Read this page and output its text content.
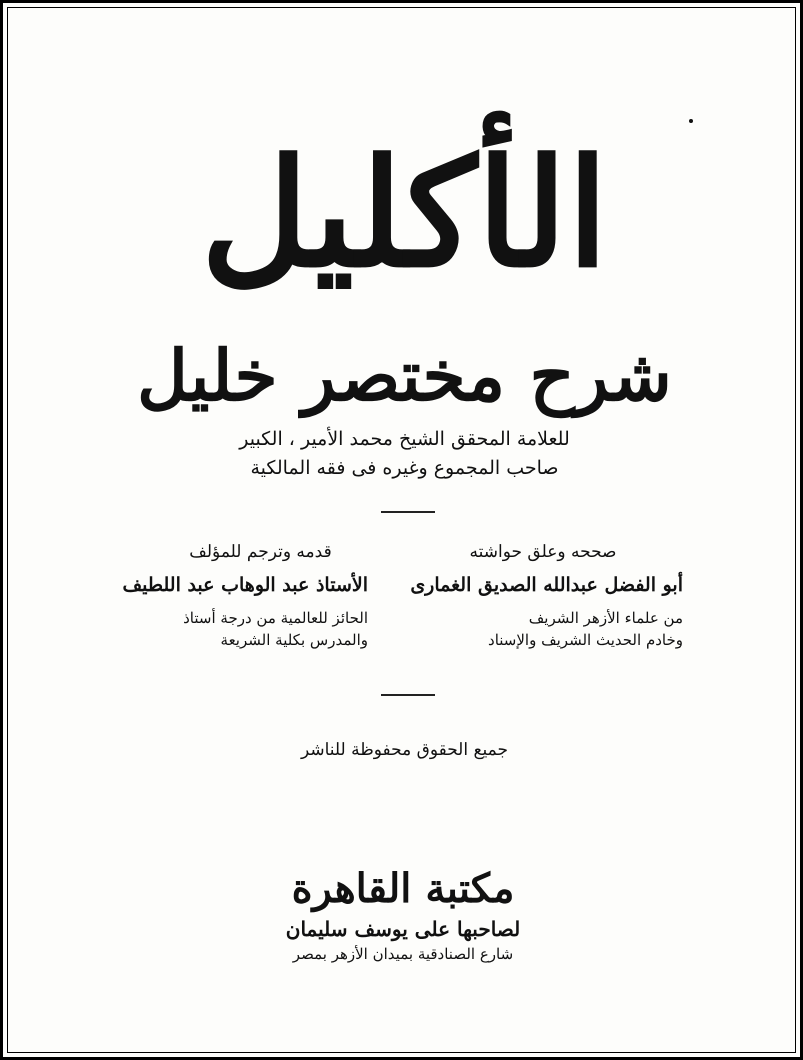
الأكليل
شرح مختصر خليل
للعلامة المحقق الشيخ محمد الأمير ، الكبير
صاحب المجموع وغيره فى فقه المالكية
صححه وعلق حواشته
أبو الفضل عبدالله الصديق الغمارى
من علماء الأزهر الشريف
وخادم الحديث الشريف والإسناد
قدمه وترجم للمؤلف
الأستاذ عبد الوهاب عبد اللطيف
الحائز للعالمية من درجة أستاذ
والمدرس بكلية الشريعة
جميع الحقوق محفوظة للناشر
مكتبة القاهرة
لصاحبها على يوسف سليمان
شارع الصنادقية بميدان الأزهر بمصر
